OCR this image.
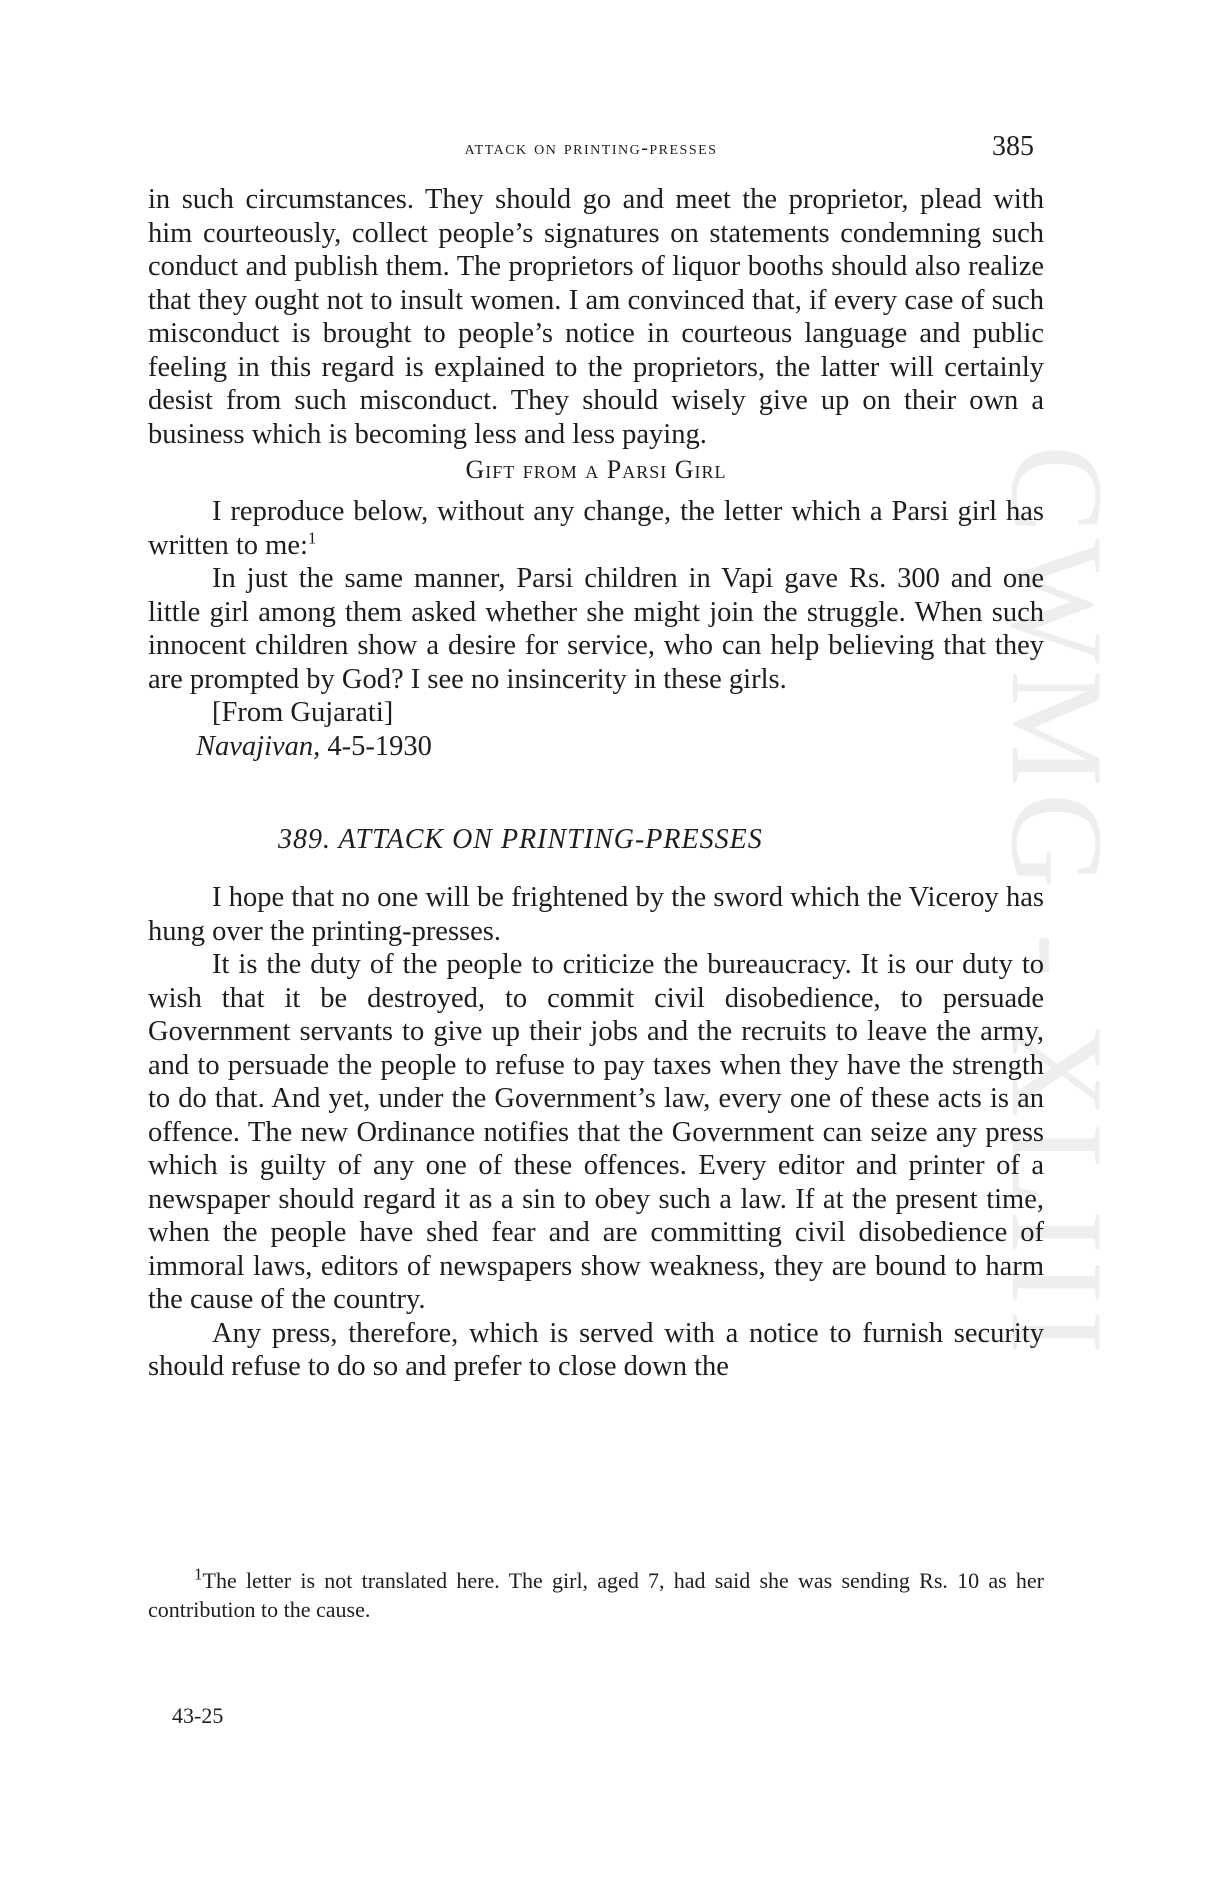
CWMG - XLIII
attack on printing-presses	385

in such circumstances. They should go and meet the proprietor, plead with him courteously, collect people’s signatures on statements condemning such conduct and publish them. The proprietors of liquor booths should also realize that they ought not to insult women. I am convinced that, if every case of such misconduct is brought to people’s notice in courteous language and public feeling in this regard is explained to the proprietors, the latter will certainly desist from such misconduct. They should wisely give up on their own a business which is becoming less and less paying.

Gift from a Parsi Girl

I reproduce below, without any change, the letter which a Parsi girl has written to me:$^1$

In just the same manner, Parsi children in Vapi gave Rs. 300 and one little girl among them asked whether she might join the struggle. When such innocent children show a desire for service, who can help believing that they are prompted by God? I see no insincerity in these girls.

[From Gujarati]

Navajivan, 4-5-1930

389. ATTACK ON PRINTING-PRESSES

I hope that no one will be frightened by the sword which the Viceroy has hung over the printing-presses.

It is the duty of the people to criticize the bureaucracy. It is our duty to wish that it be destroyed, to commit civil disobedience, to persuade Government servants to give up their jobs and the recruits to leave the army, and to persuade the people to refuse to pay taxes when they have the strength to do that. And yet, under the Government’s law, every one of these acts is an offence. The new Ordinance notifies that the Government can seize any press which is guilty of any one of these offences. Every editor and printer of a newspaper should regard it as a sin to obey such a law. If at the present time, when the people have shed fear and are committing civil disobedience of immoral laws, editors of newspapers show weakness, they are bound to harm the cause of the country.

Any press, therefore, which is served with a notice to furnish security should refuse to do so and prefer to close down the

$^1$The letter is not translated here. The girl, aged 7, had said she was sending Rs. 10 as her contribution to the cause.

43-25
